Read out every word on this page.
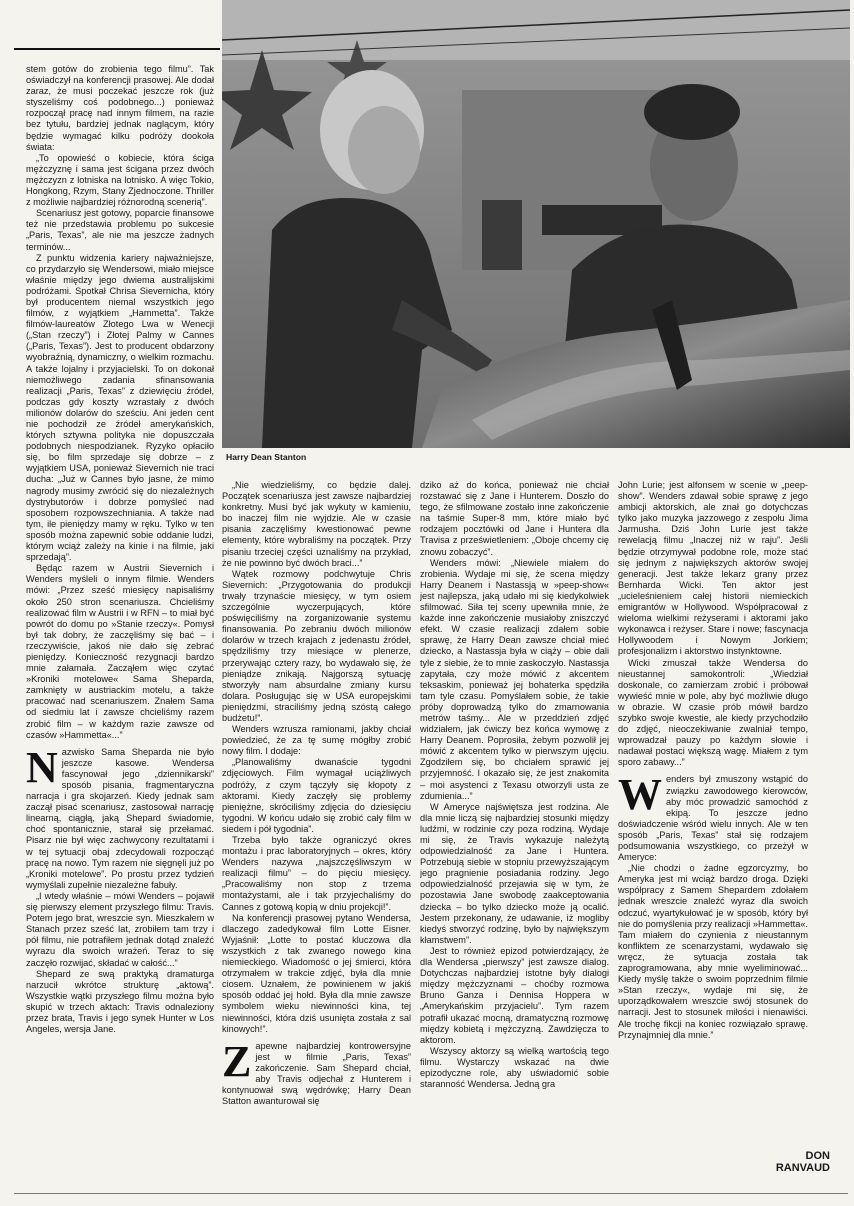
Harry Dean Stanton

stem gotów do zrobienia tego filmu”. Tak oświadczył na konferencji prasowej. Ale dodał zaraz, że musi poczekać jeszcze rok (już styszeliśmy coś podobnego...) ponieważ rozpoczął pracę nad innym filmem, na razie bez tytułu, bardziej jednak naglącym, który będzie wymagać kilku podróży dookoła świata:

„To opowieść o kobiecie, która ściga mężczyznę i sama jest ścigana przez dwóch mężczyzn z lotniska na lotnisko. A więc Tokio, Hongkong, Rzym, Stany Zjednoczone. Thriller z możliwie najbardziej różnorodną scenerią”.

Scenariusz jest gotowy, poparcie finansowe też nie przedstawia problemu po sukcesie „Paris, Texas”, ale nie ma jeszcze żadnych terminów...

Z punktu widzenia kariery najważniejsze, co przydarzyło się Wendersowi, miało miejsce właśnie między jego dwiema australijskimi podróżami. Spotkał Chrisa Sievernicha, który był producentem niemal wszystkich jego filmów, z wyjątkiem „Hammetta”. Także filmów-laureatów Złotego Lwa w Wenecji („Stan rzeczy”) i Złotej Palmy w Cannes („Paris, Texas”). Jest to producent obdarzony wyobraźnią, dynamiczny, o wielkim rozmachu. A także lojalny i przyjacielski. To on dokonał niemożliwego zadania sfinansowania realizacji „Paris, Texas” z dziewięciu źródeł, podczas gdy koszty wzrastały z dwóch milionów dolarów do sześciu. Ani jeden cent nie pochodził ze źródeł amerykańskich, których sztywna polityka nie dopuszczała podobnych niespodzianek. Ryzyko opłaciło się, bo film sprzedaje się dobrze – z wyjątkiem USA, ponieważ Sievernich nie traci ducha: „Już w Cannes było jasne, że mimo nagrody musimy zwrócić się do niezależnych dystrybutorów i dobrze pomyśleć nad sposobem rozpowszechniania. A także nad tym, ile pieniędzy mamy w ręku. Tylko w ten sposób można zapewnić sobie oddanie ludzi, którym wciąż zależy na kinie i na filmie, jaki sprzedają”.

Będąc razem w Austrii Sievernich i Wenders myśleli o innym filmie. Wenders mówi: „Przez sześć miesięcy napisaliśmy około 250 stron scenariusza. Chcieliśmy realizować film w Austrii i w RFN – to miał być powrót do domu po »Stanie rzeczy«. Pomysł był tak dobry, że zaczęliśmy się bać – i rzeczywiście, jakoś nie dało się zebrać pieniędzy. Konieczność rezygnacji bardzo mnie załamała. Zacząłem więc czytać »Kroniki motelowe« Sama Sheparda, zamknięty w austriackim motelu, a także pracować nad scenariuszem. Znałem Sama od siedmiu lat i zawsze chcieliśmy razem zrobić film – w każdym razie zawsze od czasów »Hammetta«...”

N azwisko Sama Sheparda nie było jeszcze kasowe. Wendersa fascynował jego „dziennikarski” sposób pisania, fragmentaryczna narracja i gra skojarzeń. Kiedy jednak sam zaczął pisać scenariusz, zastosował narrację linearną, ciągłą, jaką Shepard świadomie, choć spontanicznie, starał się przełamać. Pisarz nie był więc zachwycony rezultatami i w tej sytuacji obaj zdecydowali rozpocząć pracę na nowo. Tym razem nie sięgnęli już po „Kroniki motelowe”. Po prostu przez tydzień wymyślali zupełnie niezależne fabuły.

„I wtedy właśnie – mówi Wenders – pojawił się pierwszy element przyszłego filmu: Travis. Potem jego brat, wreszcie syn. Mieszkałem w Stanach przez sześć lat, zrobiłem tam trzy i pół filmu, nie potrafiłem jednak dotąd znaleźć wyrazu dla swoich wrażeń. Teraz to się zaczęło rozwijać, składać w całość...”

Shepard ze swą praktyką dramaturga narzucił wkrótce strukturę „aktową”. Wszystkie wątki przyszłego filmu można było skupić w trzech aktach: Travis odnaleziony przez brata, Travis i jego synek Hunter w Los Angeles, wersja Jane.

„Nie wiedzieliśmy, co będzie dalej. Początek scenariusza jest zawsze najbardziej konkretny. Musi być jak wykuty w kamieniu, bo inaczej film nie wyjdzie. Ale w czasie pisania zaczęliśmy kwestionować pewne elementy, które wybraliśmy na początek. Przy pisaniu trzeciej części uznaliśmy na przykład, że nie powinno być dwóch braci...”

Wątek rozmowy podchwytuje Chris Sievernich: „Przygotowania do produkcji trwały trzynaście miesięcy, w tym osiem szczególnie wyczerpujących, które poświęciliśmy na zorganizowanie systemu finansowania. Po zebraniu dwóch milionów dolarów w trzech krajach z jedenastu źródeł, spędziliśmy trzy miesiące w plenerze, przerywając cztery razy, bo wydawało się, że pieniądze znikają. Najgorszą sytuację stworzyły nam absurdalne zmiany kursu dolara. Posługując się w USA europejskimi pieniędzmi, straciliśmy jedną szóstą całego budżetu!”.

Wenders wzrusza ramionami, jakby chciał powiedzieć, że za tę sumę mógłby zrobić nowy film. I dodaje:

„Planowaliśmy dwanaście tygodni zdjęciowych. Film wymagał uciążliwych podróży, z czym tączyły się kłopoty z aktorami. Kiedy zaczęły się problemy pieniężne, skróciliśmy zdjęcia do dziesięciu tygodni. W końcu udało się zrobić cały film w siedem i pół tygodnia”.

Trzeba było także ograniczyć okres montażu i prac laboratoryjnych – okres, który Wenders nazywa „najszczęśliwszym w realizacji filmu” – do pięciu miesięcy. „Pracowaliśmy non stop z trzema montażystami, ale i tak przyjechaliśmy do Cannes z gotową kopią w dniu projekcji!”.

Na konferencji prasowej pytano Wendersa, dlaczego zadedykował film Lotte Eisner. Wyjaśnił: „Lotte to postać kluczowa dla wszystkich z tak zwanego nowego kina niemieckiego. Wiadomość o jej śmierci, która otrzymałem w trakcie zdjęć, była dla mnie ciosem. Uznałem, że powinienem w jakiś sposób oddać jej hołd. Była dla mnie zawsze symbolem wieku niewinności kina, tej niewinności, która dziś usunięta została z sal kinowych!”.

Z apewne najbardziej kontrowersyjne jest w filmie „Paris, Texas” zakończenie. Sam Shepard chciał, aby Travis odjechał z Hunterem i kontynuował swą wędrówkę; Harry Dean Statton awanturował się

dziko aż do końca, ponieważ nie chciał rozstawać się z Jane i Hunterem. Doszło do tego, że sfilmowane zostało inne zakończenie na taśmie Super-8 mm, które miało być rodzajem pocztówki od Jane i Huntera dla Travisa z prześwietleniem: „Oboje chcemy cię znowu zobaczyć”.

Wenders mówi: „Niewiele miałem do zrobienia. Wydaje mi się, że scena między Harry Deanem i Nastassją w »peep-show« jest najlepsza, jaką udało mi się kiedykolwiek sfilmować. Siła tej sceny upewniła mnie, że każde inne zakończenie musiałoby zniszczyć efekt. W czasie realizacji zdałem sobie sprawę, że Harry Dean zawsze chciał mieć dziecko, a Nastassja była w ciąży – obie dali tyle z siebie, że to mnie zaskoczyło. Nastassja zapytała, czy może mówić z akcentem teksaskim, ponieważ jej bohaterka spędziła tam tyle czasu. Pomyślałem sobie, że takie próby doprowadzą tylko do zmarnowania metrów taśmy... Ale w przeddzień zdjęć widziałem, jak ćwiczy bez końca wymowę z Harry Deanem. Poprosiła, żebym pozwolił jej mówić z akcentem tylko w pierwszym ujęciu. Zgodziłem się, bo chciałem sprawić jej przyjemność. I okazało się, że jest znakomita – moi asystenci z Texasu otworzyli usta ze zdumienia...”

W Ameryce najświętsza jest rodzina. Ale dla mnie liczą się najbardziej stosunki między ludźmi, w rodzinie czy poza rodziną. Wydaje mi się, że Travis wykazuje należytą odpowiedzialność za Jane i Huntera. Potrzebują siebie w stopniu przewyższającym jego pragnienie posiadania rodziny. Jego odpowiedzialność przejawia się w tym, że pozostawia Jane swobodę zaakceptowania dziecka – bo tylko dziecko może ją ocalić. Jestem przekonany, że udawanie, iż mogliby kiedyś stworzyć rodzinę, było by największym kłamstwem”.

Jest to również epizod potwierdzający, że dla Wendersa „pierwszy” jest zawsze dialog. Dotychczas najbardziej istotne były dialogi między mężczyznami – choćby rozmowa Bruno Ganza i Dennisa Hoppera w „Amerykańskim przyjacielu”. Tym razem potrafił ukazać mocną, dramatyczną rozmowę między kobietą i mężczyzną. Zawdzięcza to aktorom.

Wszyscy aktorzy są wielką wartością tego filmu. Wystarczy wskazać na dwie epizodyczne role, aby uświadomić sobie staranność Wendersa. Jedną gra

John Lurie; jest alfonsem w scenie w „peep-show”. Wenders zdawał sobie sprawę z jego ambicji aktorskich, ale znał go dotychczas tylko jako muzyka jazzowego z zespołu Jima Jarmusha. Dziś John Lurie jest także rewelacją filmu „Inaczej niż w raju”. Jeśli będzie otrzymywał podobne role, może stać się jednym z największych aktorów swojej generacji. Jest także lekarz grany przez Bernharda Wicki. Ten aktor jest „ucieleśnieniem całej historii niemieckich emigrantów w Hollywood. Współpracował z wieloma wielkimi reżyserami i aktorami jako wykonawca i reżyser. Stare i nowe; fascynacja Hollywoodem i Nowym Jorkiem; profesjonalizm i aktorstwo instynktowne.

Wicki zmuszał także Wendersa do nieustannej samokontroli: „Wiedział doskonale, co zamierzam zrobić i próbował wywieść mnie w pole, aby być możliwie długo w obrazie. W czasie prób mówił bardzo szybko swoje kwestie, ale kiedy przychodziło do zdjęć, nieoczekiwanie zwalniał tempo, wprowadzał pauzy po każdym słowie i nadawał postaci większą wagę. Miałem z tym sporo zabawy...”

W enders był zmuszony wstąpić do związku zawodowego kierowców, aby móc prowadzić samochód z ekipą. To jeszcze jedno doświadczenie wśród wielu innych. Ale w ten sposób „Paris, Texas” stał się rodzajem podsumowania wszystkiego, co przeżył w Ameryce:

„Nie chodzi o żadne egzorcyzmy, bo Ameryka jest mi wciąż bardzo droga. Dzięki współpracy z Samem Shepardem zdołałem jednak wreszcie znaleźć wyraz dla swoich odczuć, wyartykułować je w sposób, który był nie do pomyślenia przy realizacji »Hammetta«. Tam miałem do czynienia z nieustannym konfliktem ze scenarzystami, wydawało się wręcz, że sytuacja została tak zaprogramowana, aby mnie wyeliminować... Kiedy myślę także o swoim poprzednim filmie »Stan rzeczy«, wydaje mi się, że uporządkowałem wreszcie swój stosunek do narracji. Jest to stosunek miłości i nienawiści. Ale trochę fikcji na koniec rozwiązało sprawę. Przynajmniej dla mnie.”

DON
RANVAUD
